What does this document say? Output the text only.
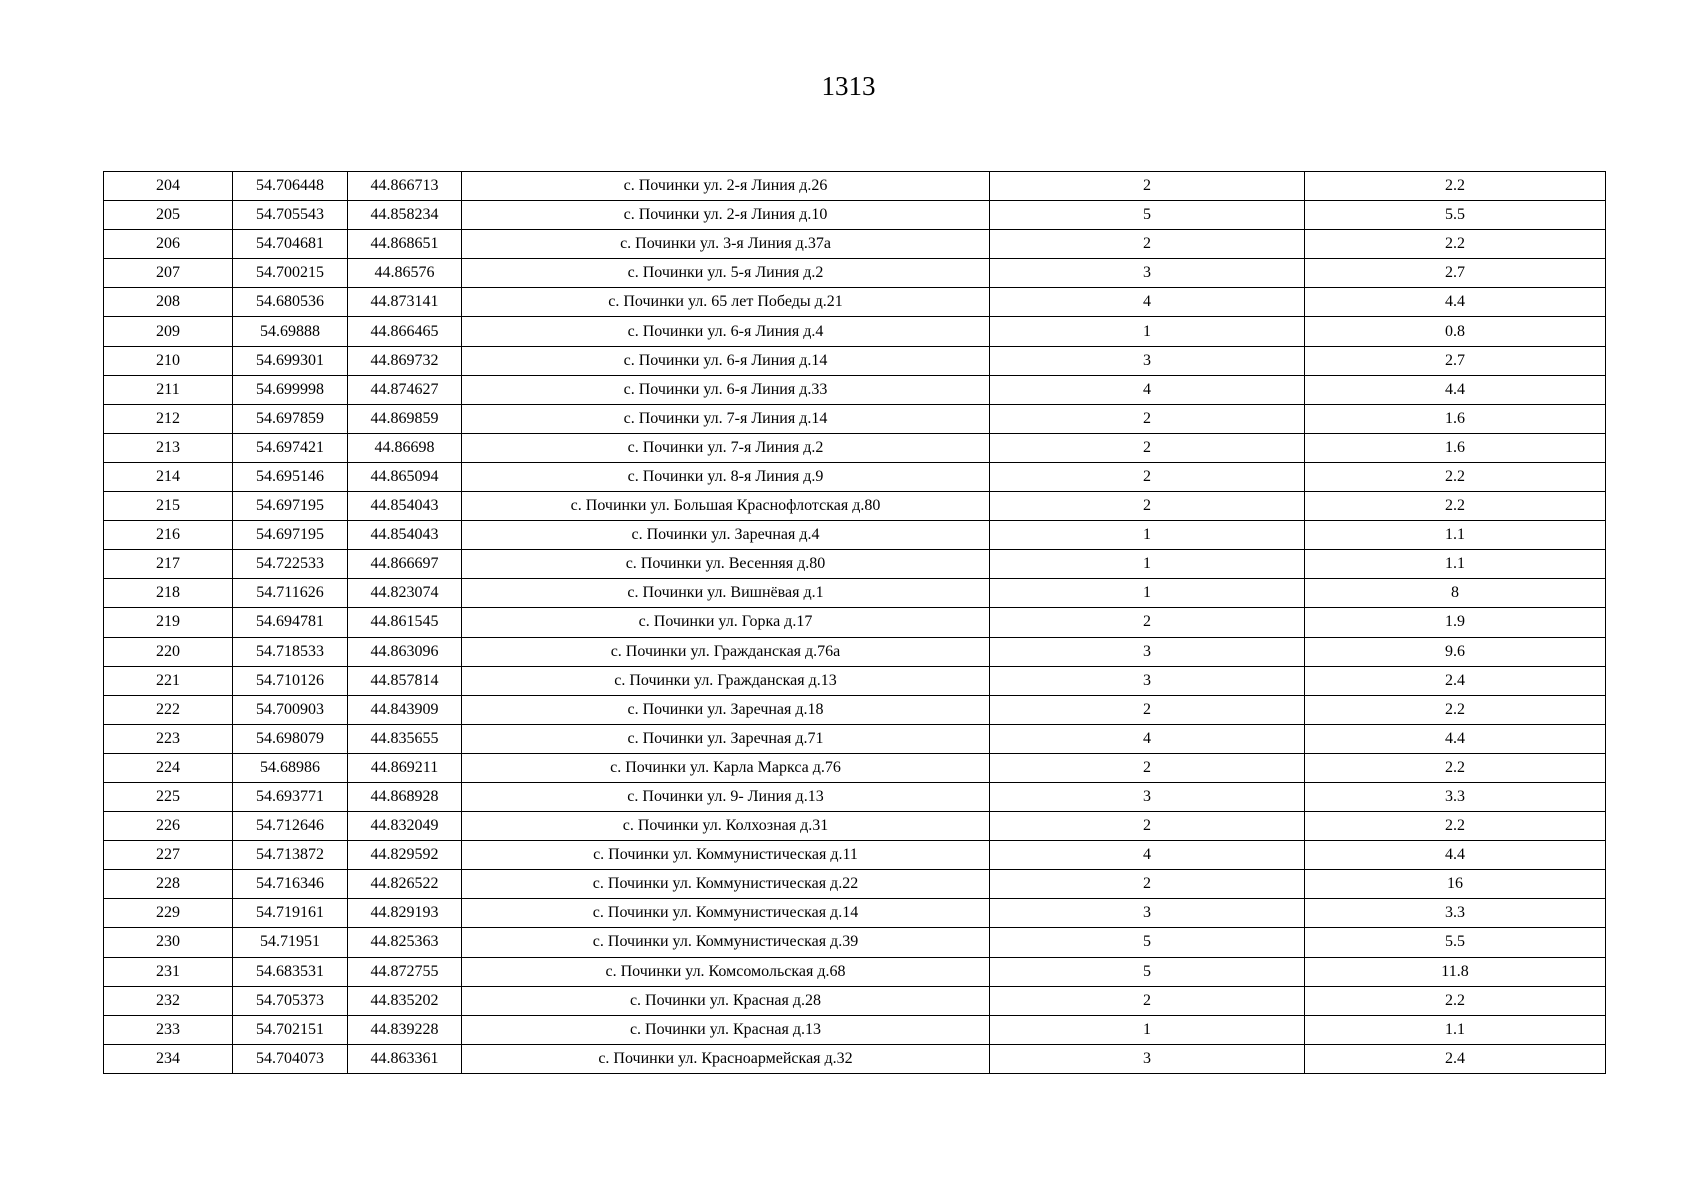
1313
204	54.706448	44.866713	с. Починки ул. 2-я Линия д.26	2	2.2
205	54.705543	44.858234	с. Починки ул. 2-я Линия д.10	5	5.5
206	54.704681	44.868651	с. Починки ул. 3-я Линия д.37а	2	2.2
207	54.700215	44.86576	с. Починки ул. 5-я Линия д.2	3	2.7
208	54.680536	44.873141	с. Починки ул. 65 лет Победы д.21	4	4.4
209	54.69888	44.866465	с. Починки ул. 6-я Линия д.4	1	0.8
210	54.699301	44.869732	с. Починки ул. 6-я Линия д.14	3	2.7
211	54.699998	44.874627	с. Починки ул. 6-я Линия д.33	4	4.4
212	54.697859	44.869859	с. Починки ул. 7-я Линия д.14	2	1.6
213	54.697421	44.86698	с. Починки ул. 7-я Линия д.2	2	1.6
214	54.695146	44.865094	с. Починки ул. 8-я Линия д.9	2	2.2
215	54.697195	44.854043	с. Починки ул. Большая Краснофлотская д.80	2	2.2
216	54.697195	44.854043	с. Починки ул. Заречная д.4	1	1.1
217	54.722533	44.866697	с. Починки ул. Весенняя д.80	1	1.1
218	54.711626	44.823074	с. Починки ул. Вишнёвая д.1	1	8
219	54.694781	44.861545	с. Починки ул. Горка д.17	2	1.9
220	54.718533	44.863096	с. Починки ул. Гражданская д.76а	3	9.6
221	54.710126	44.857814	с. Починки ул. Гражданская д.13	3	2.4
222	54.700903	44.843909	с. Починки ул. Заречная д.18	2	2.2
223	54.698079	44.835655	с. Починки ул. Заречная д.71	4	4.4
224	54.68986	44.869211	с. Починки ул. Карла Маркса д.76	2	2.2
225	54.693771	44.868928	с. Починки ул. 9- Линия д.13	3	3.3
226	54.712646	44.832049	с. Починки ул. Колхозная д.31	2	2.2
227	54.713872	44.829592	с. Починки ул. Коммунистическая д.11	4	4.4
228	54.716346	44.826522	с. Починки ул. Коммунистическая д.22	2	16
229	54.719161	44.829193	с. Починки ул. Коммунистическая д.14	3	3.3
230	54.71951	44.825363	с. Починки ул. Коммунистическая д.39	5	5.5
231	54.683531	44.872755	с. Починки ул. Комсомольская д.68	5	11.8
232	54.705373	44.835202	с. Починки ул. Красная д.28	2	2.2
233	54.702151	44.839228	с. Починки ул. Красная д.13	1	1.1
234	54.704073	44.863361	с. Починки ул. Красноармейская д.32	3	2.4
